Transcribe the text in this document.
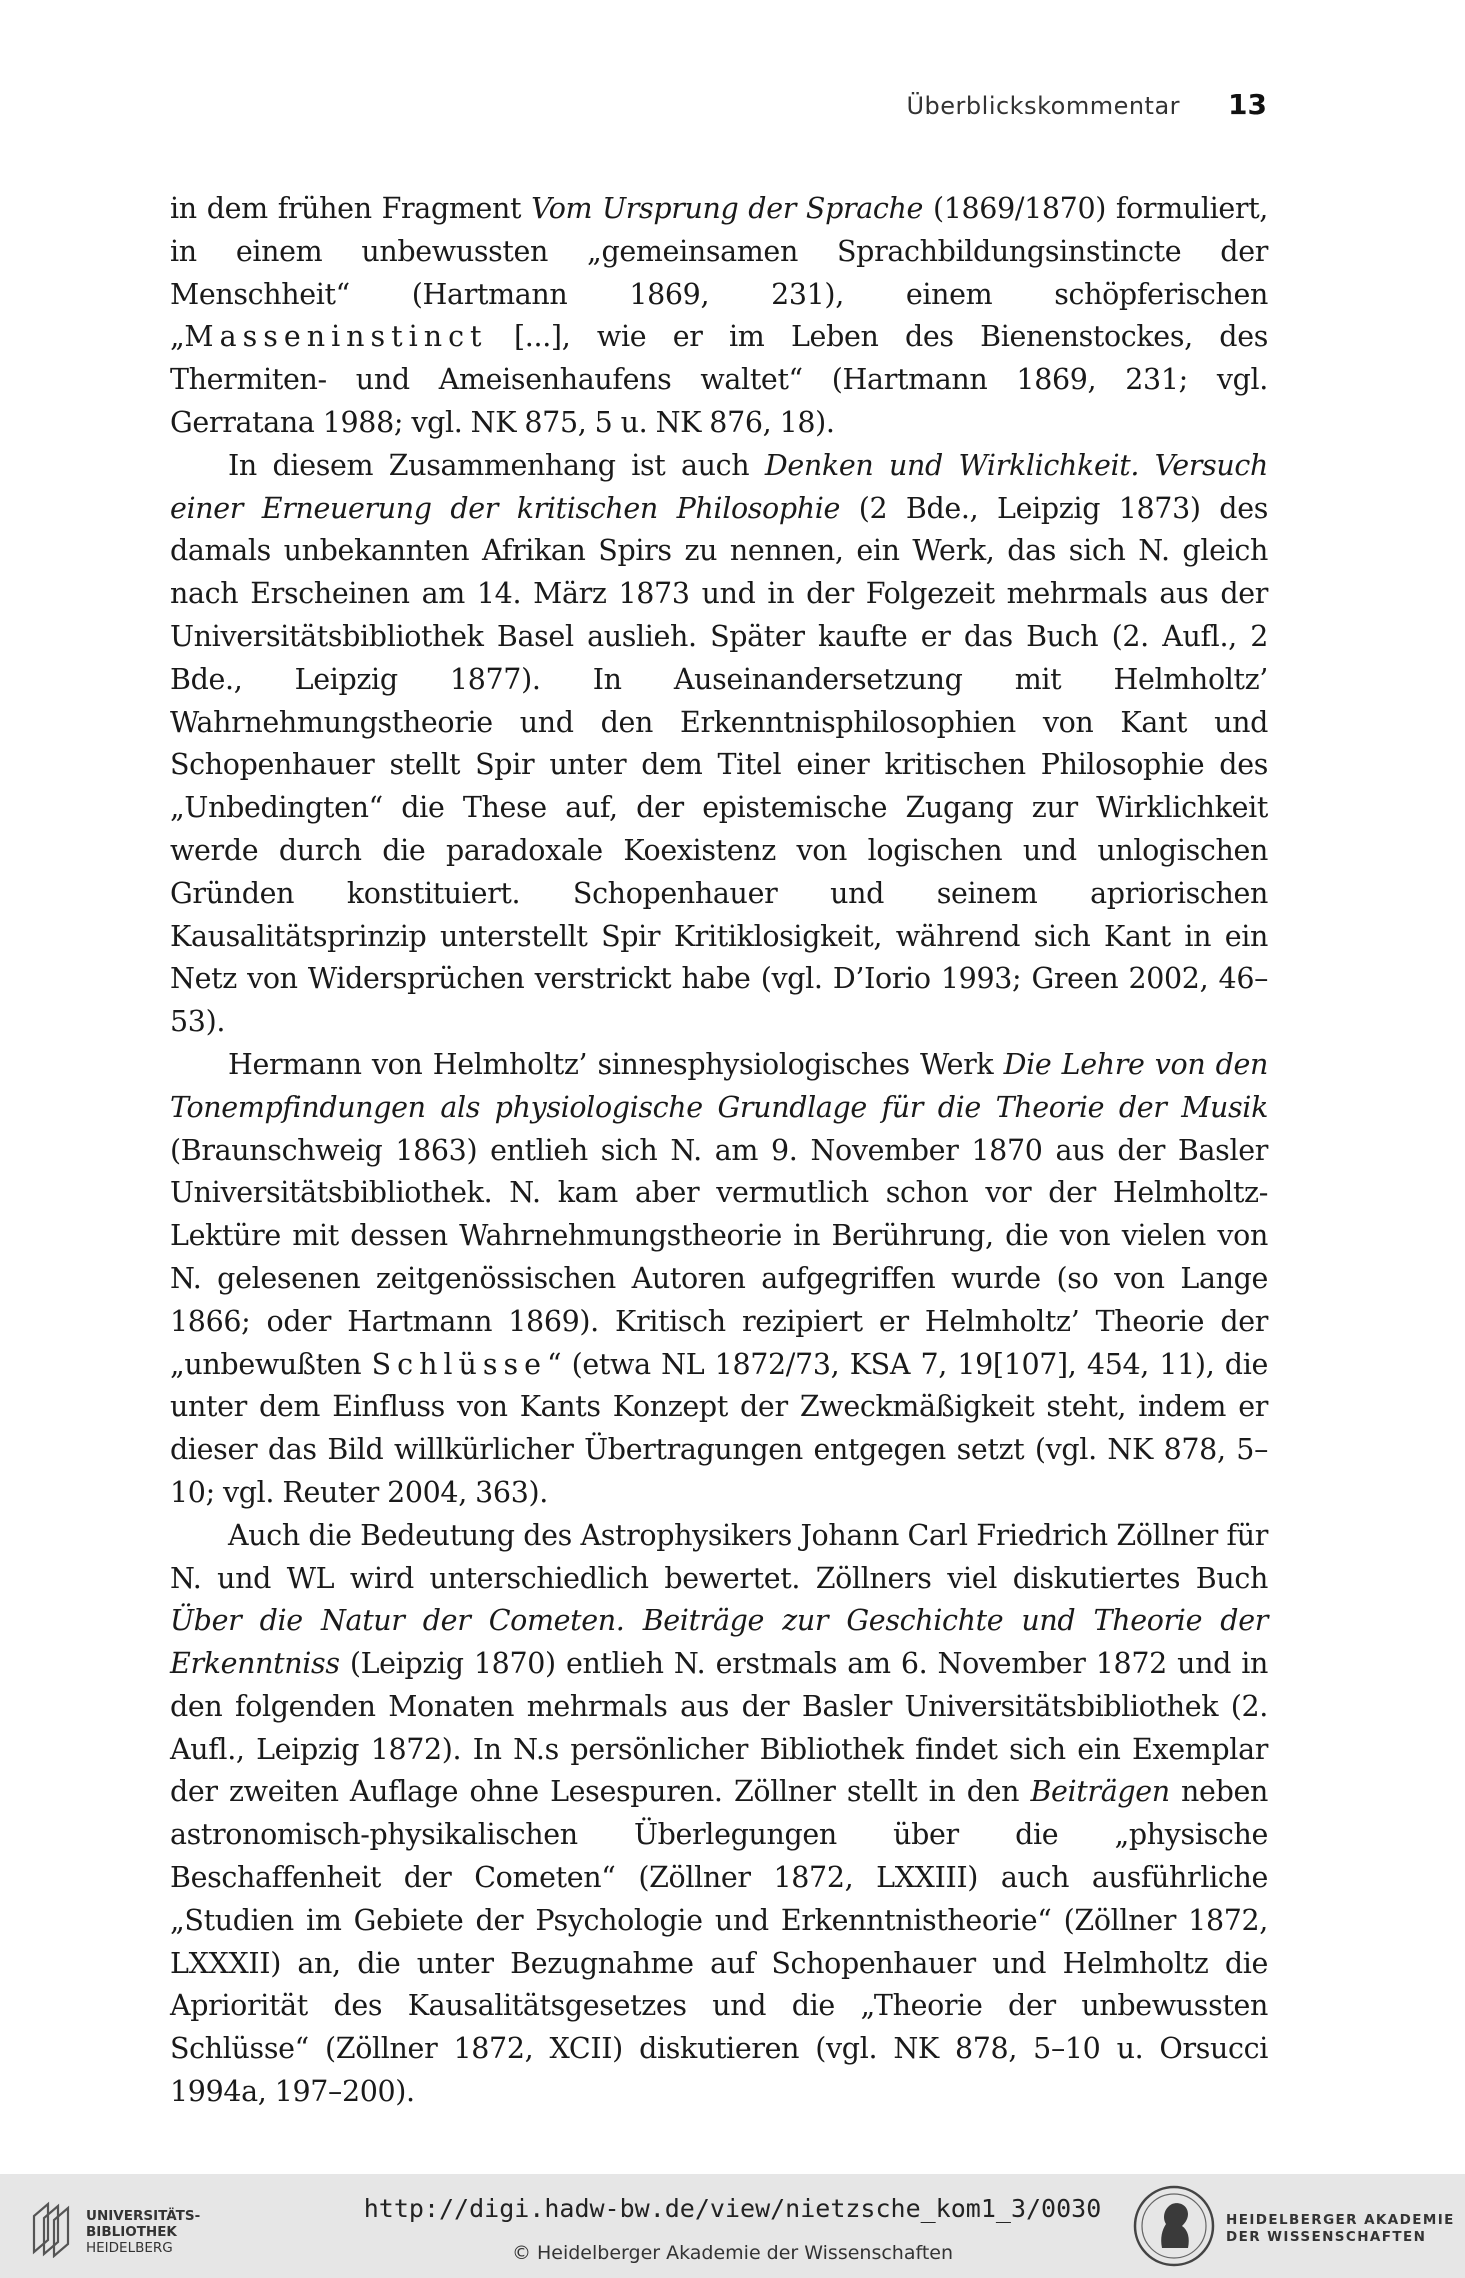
Überblickskommentar 13

in dem frühen Fragment Vom Ursprung der Sprache (1869/1870) formuliert, in einem unbewussten „gemeinsamen Sprachbildungsinstincte der Menschheit“ (Hartmann 1869, 231), einem schöpferischen „Masseninstinct [...], wie er im Leben des Bienenstockes, des Thermiten- und Ameisenhaufens waltet“ (Hartmann 1869, 231; vgl. Gerratana 1988; vgl. NK 875, 5 u. NK 876, 18).

In diesem Zusammenhang ist auch Denken und Wirklichkeit. Versuch einer Erneuerung der kritischen Philosophie (2 Bde., Leipzig 1873) des damals unbekannten Afrikan Spirs zu nennen, ein Werk, das sich N. gleich nach Erscheinen am 14. März 1873 und in der Folgezeit mehrmals aus der Universitätsbibliothek Basel auslieh. Später kaufte er das Buch (2. Aufl., 2 Bde., Leipzig 1877). In Auseinandersetzung mit Helmholtz’ Wahrnehmungstheorie und den Erkenntnisphilosophien von Kant und Schopenhauer stellt Spir unter dem Titel einer kritischen Philosophie des „Unbedingten“ die These auf, der epistemische Zugang zur Wirklichkeit werde durch die paradoxale Koexistenz von logischen und unlogischen Gründen konstituiert. Schopenhauer und seinem apriorischen Kausalitätsprinzip unterstellt Spir Kritiklosigkeit, während sich Kant in ein Netz von Widersprüchen verstrickt habe (vgl. D’Iorio 1993; Green 2002, 46–53).

Hermann von Helmholtz’ sinnesphysiologisches Werk Die Lehre von den Tonempfindungen als physiologische Grundlage für die Theorie der Musik (Braunschweig 1863) entlieh sich N. am 9. November 1870 aus der Basler Universitätsbibliothek. N. kam aber vermutlich schon vor der Helmholtz-Lektüre mit dessen Wahrnehmungstheorie in Berührung, die von vielen von N. gelesenen zeitgenössischen Autoren aufgegriffen wurde (so von Lange 1866; oder Hartmann 1869). Kritisch rezipiert er Helmholtz’ Theorie der „unbewußten Schlüsse“ (etwa NL 1872/73, KSA 7, 19[107], 454, 11), die unter dem Einfluss von Kants Konzept der Zweckmäßigkeit steht, indem er dieser das Bild willkürlicher Übertragungen entgegen setzt (vgl. NK 878, 5–10; vgl. Reuter 2004, 363).

Auch die Bedeutung des Astrophysikers Johann Carl Friedrich Zöllner für N. und WL wird unterschiedlich bewertet. Zöllners viel diskutiertes Buch Über die Natur der Cometen. Beiträge zur Geschichte und Theorie der Erkenntniss (Leipzig 1870) entlieh N. erstmals am 6. November 1872 und in den folgenden Monaten mehrmals aus der Basler Universitätsbibliothek (2. Aufl., Leipzig 1872). In N.s persönlicher Bibliothek findet sich ein Exemplar der zweiten Auflage ohne Lesespuren. Zöllner stellt in den Beiträgen neben astronomisch-physikalischen Überlegungen über die „physische Beschaffenheit der Cometen“ (Zöllner 1872, LXXIII) auch ausführliche „Studien im Gebiete der Psychologie und Erkenntnistheorie“ (Zöllner 1872, LXXXII) an, die unter Bezugnahme auf Schopenhauer und Helmholtz die Apriorität des Kausalitätsgesetzes und die „Theorie der unbewussten Schlüsse“ (Zöllner 1872, XCII) diskutieren (vgl. NK 878, 5–10 u. Orsucci 1994a, 197–200).

UNIVERSITÄTS-
BIBLIOTHEK
HEIDELBERG
http://digi.hadw-bw.de/view/nietzsche_kom1_3/0030
© Heidelberger Akademie der Wissenschaften
HEIDELBERGER AKADEMIE
DER WISSENSCHAFTEN
